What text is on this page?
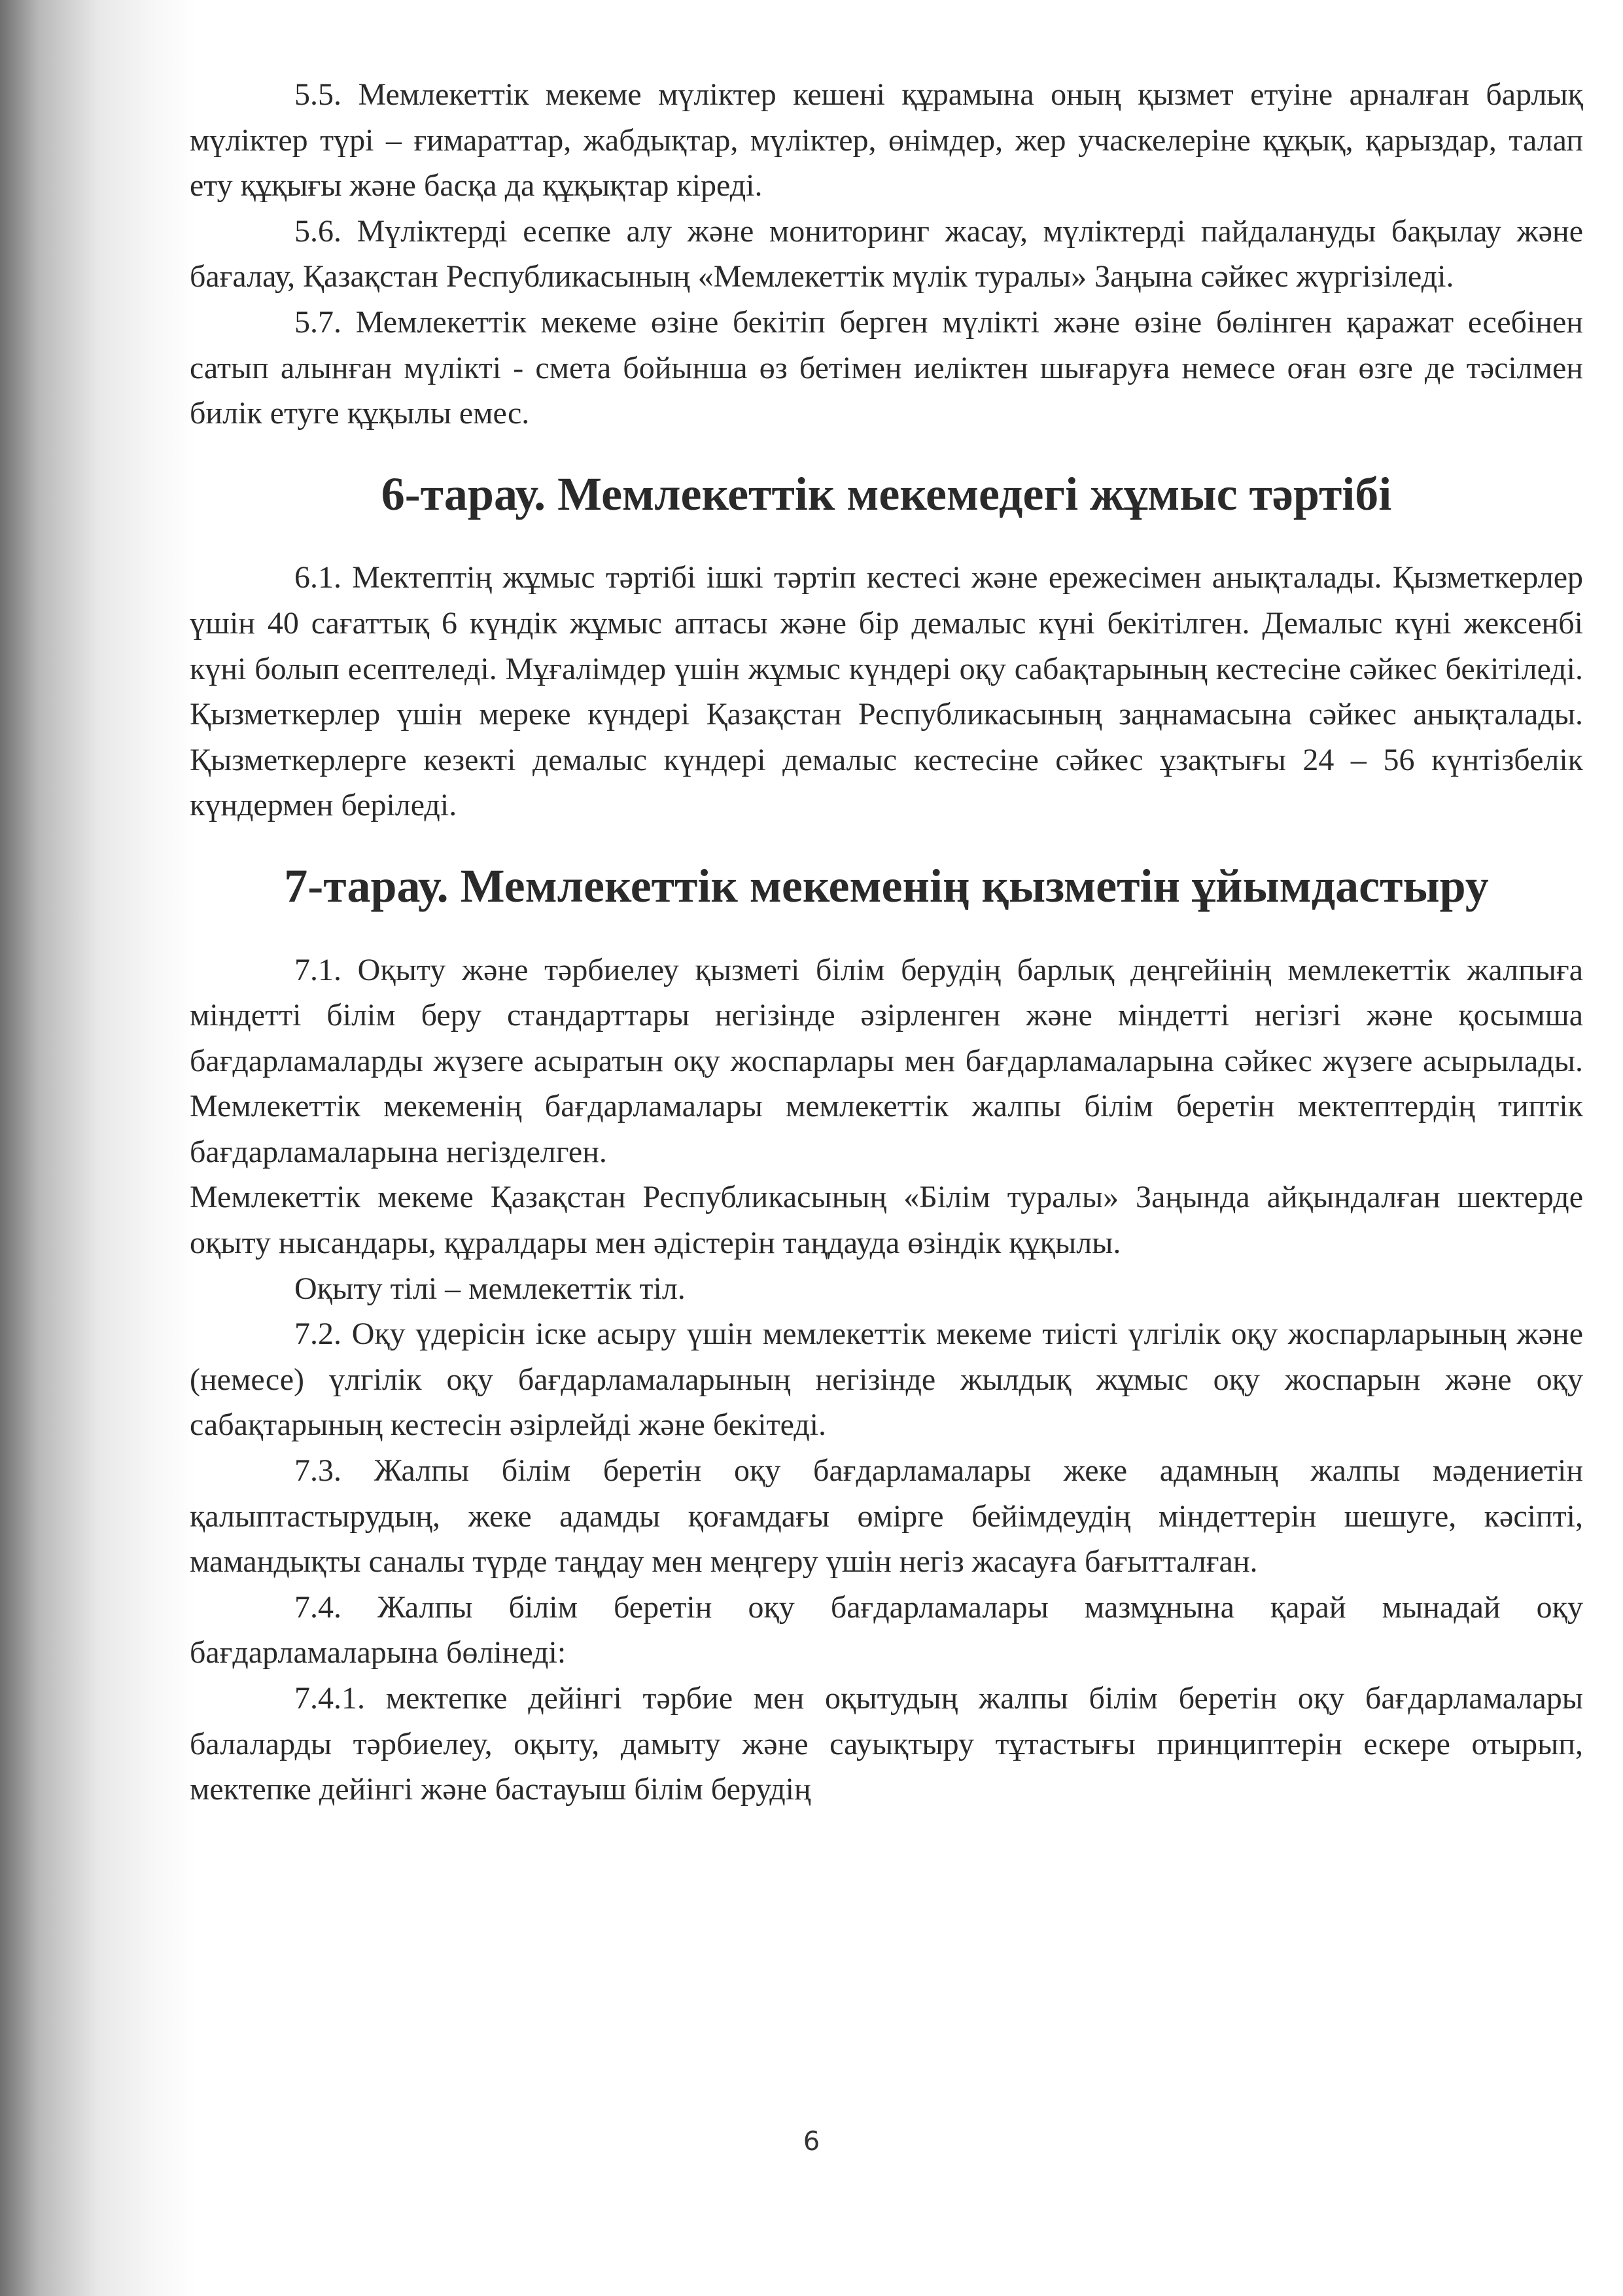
5.5. Мемлекеттік мекеме мүліктер кешені құрамына оның қызмет етуіне арналған барлық мүліктер түрі – ғимараттар, жабдықтар, мүліктер, өнімдер, жер учаскелеріне құқық, қарыздар, талап ету құқығы және басқа да құқықтар кіреді.

5.6. Мүліктерді есепке алу және мониторинг жасау, мүліктерді пайдалануды бақылау және бағалау, Қазақстан Республикасының «Мемлекеттік мүлік туралы» Заңына сәйкес жүргізіледі.

5.7. Мемлекеттік мекеме өзіне бекітіп берген мүлікті және өзіне бөлінген қаражат есебінен сатып алынған мүлікті - смета бойынша өз бетімен иеліктен шығаруға немесе оған өзге де тәсілмен билік етуге құқылы емес.

6-тарау. Мемлекеттік мекемедегі жұмыс тәртібі

6.1. Мектептің жұмыс тәртібі ішкі тәртіп кестесі және ережесімен анықталады. Қызметкерлер үшін 40 сағаттық 6 күндік жұмыс аптасы және бір демалыс күні бекітілген. Демалыс күні жексенбі күні болып есептеледі. Мұғалімдер үшін жұмыс күндері оқу сабақтарының кестесіне сәйкес бекітіледі. Қызметкерлер үшін мереке күндері Қазақстан Республикасының заңнамасына сәйкес анықталады. Қызметкерлерге кезекті демалыс күндері демалыс кестесіне сәйкес ұзақтығы 24 – 56 күнтізбелік күндермен беріледі.

7-тарау. Мемлекеттік мекеменің қызметін ұйымдастыру

7.1. Оқыту және тәрбиелеу қызметі білім берудің барлық деңгейінің мемлекеттік жалпыға міндетті білім беру стандарттары негізінде әзірленген және міндетті негізгі және қосымша бағдарламаларды жүзеге асыратын оқу жоспарлары мен бағдарламаларына сәйкес жүзеге асырылады. Мемлекеттік мекеменің бағдарламалары мемлекеттік жалпы білім беретін мектептердің типтік бағдарламаларына негізделген.

Мемлекеттік мекеме Қазақстан Республикасының «Білім туралы» Заңында айқындалған шектерде оқыту нысандары, құралдары мен әдістерін таңдауда өзіндік құқылы.

Оқыту тілі – мемлекеттік тіл.

7.2. Оқу үдерісін іске асыру үшін мемлекеттік мекеме тиісті үлгілік оқу жоспарларының және (немесе) үлгілік оқу бағдарламаларының негізінде жылдық жұмыс оқу жоспарын және оқу сабақтарының кестесін әзірлейді және бекітеді.

7.3. Жалпы білім беретін оқу бағдарламалары жеке адамның жалпы мәдениетін қалыптастырудың, жеке адамды қоғамдағы өмірге бейімдеудің міндеттерін шешуге, кәсіпті, мамандықты саналы түрде таңдау мен меңгеру үшін негіз жасауға бағытталған.

7.4. Жалпы білім беретін оқу бағдарламалары мазмұнына қарай мынадай оқу бағдарламаларына бөлінеді:

7.4.1. мектепке дейінгі тәрбие мен оқытудың жалпы білім беретін оқу бағдарламалары балаларды тәрбиелеу, оқыту, дамыту және сауықтыру тұтастығы принциптерін ескере отырып, мектепке дейінгі және бастауыш білім берудің

6
